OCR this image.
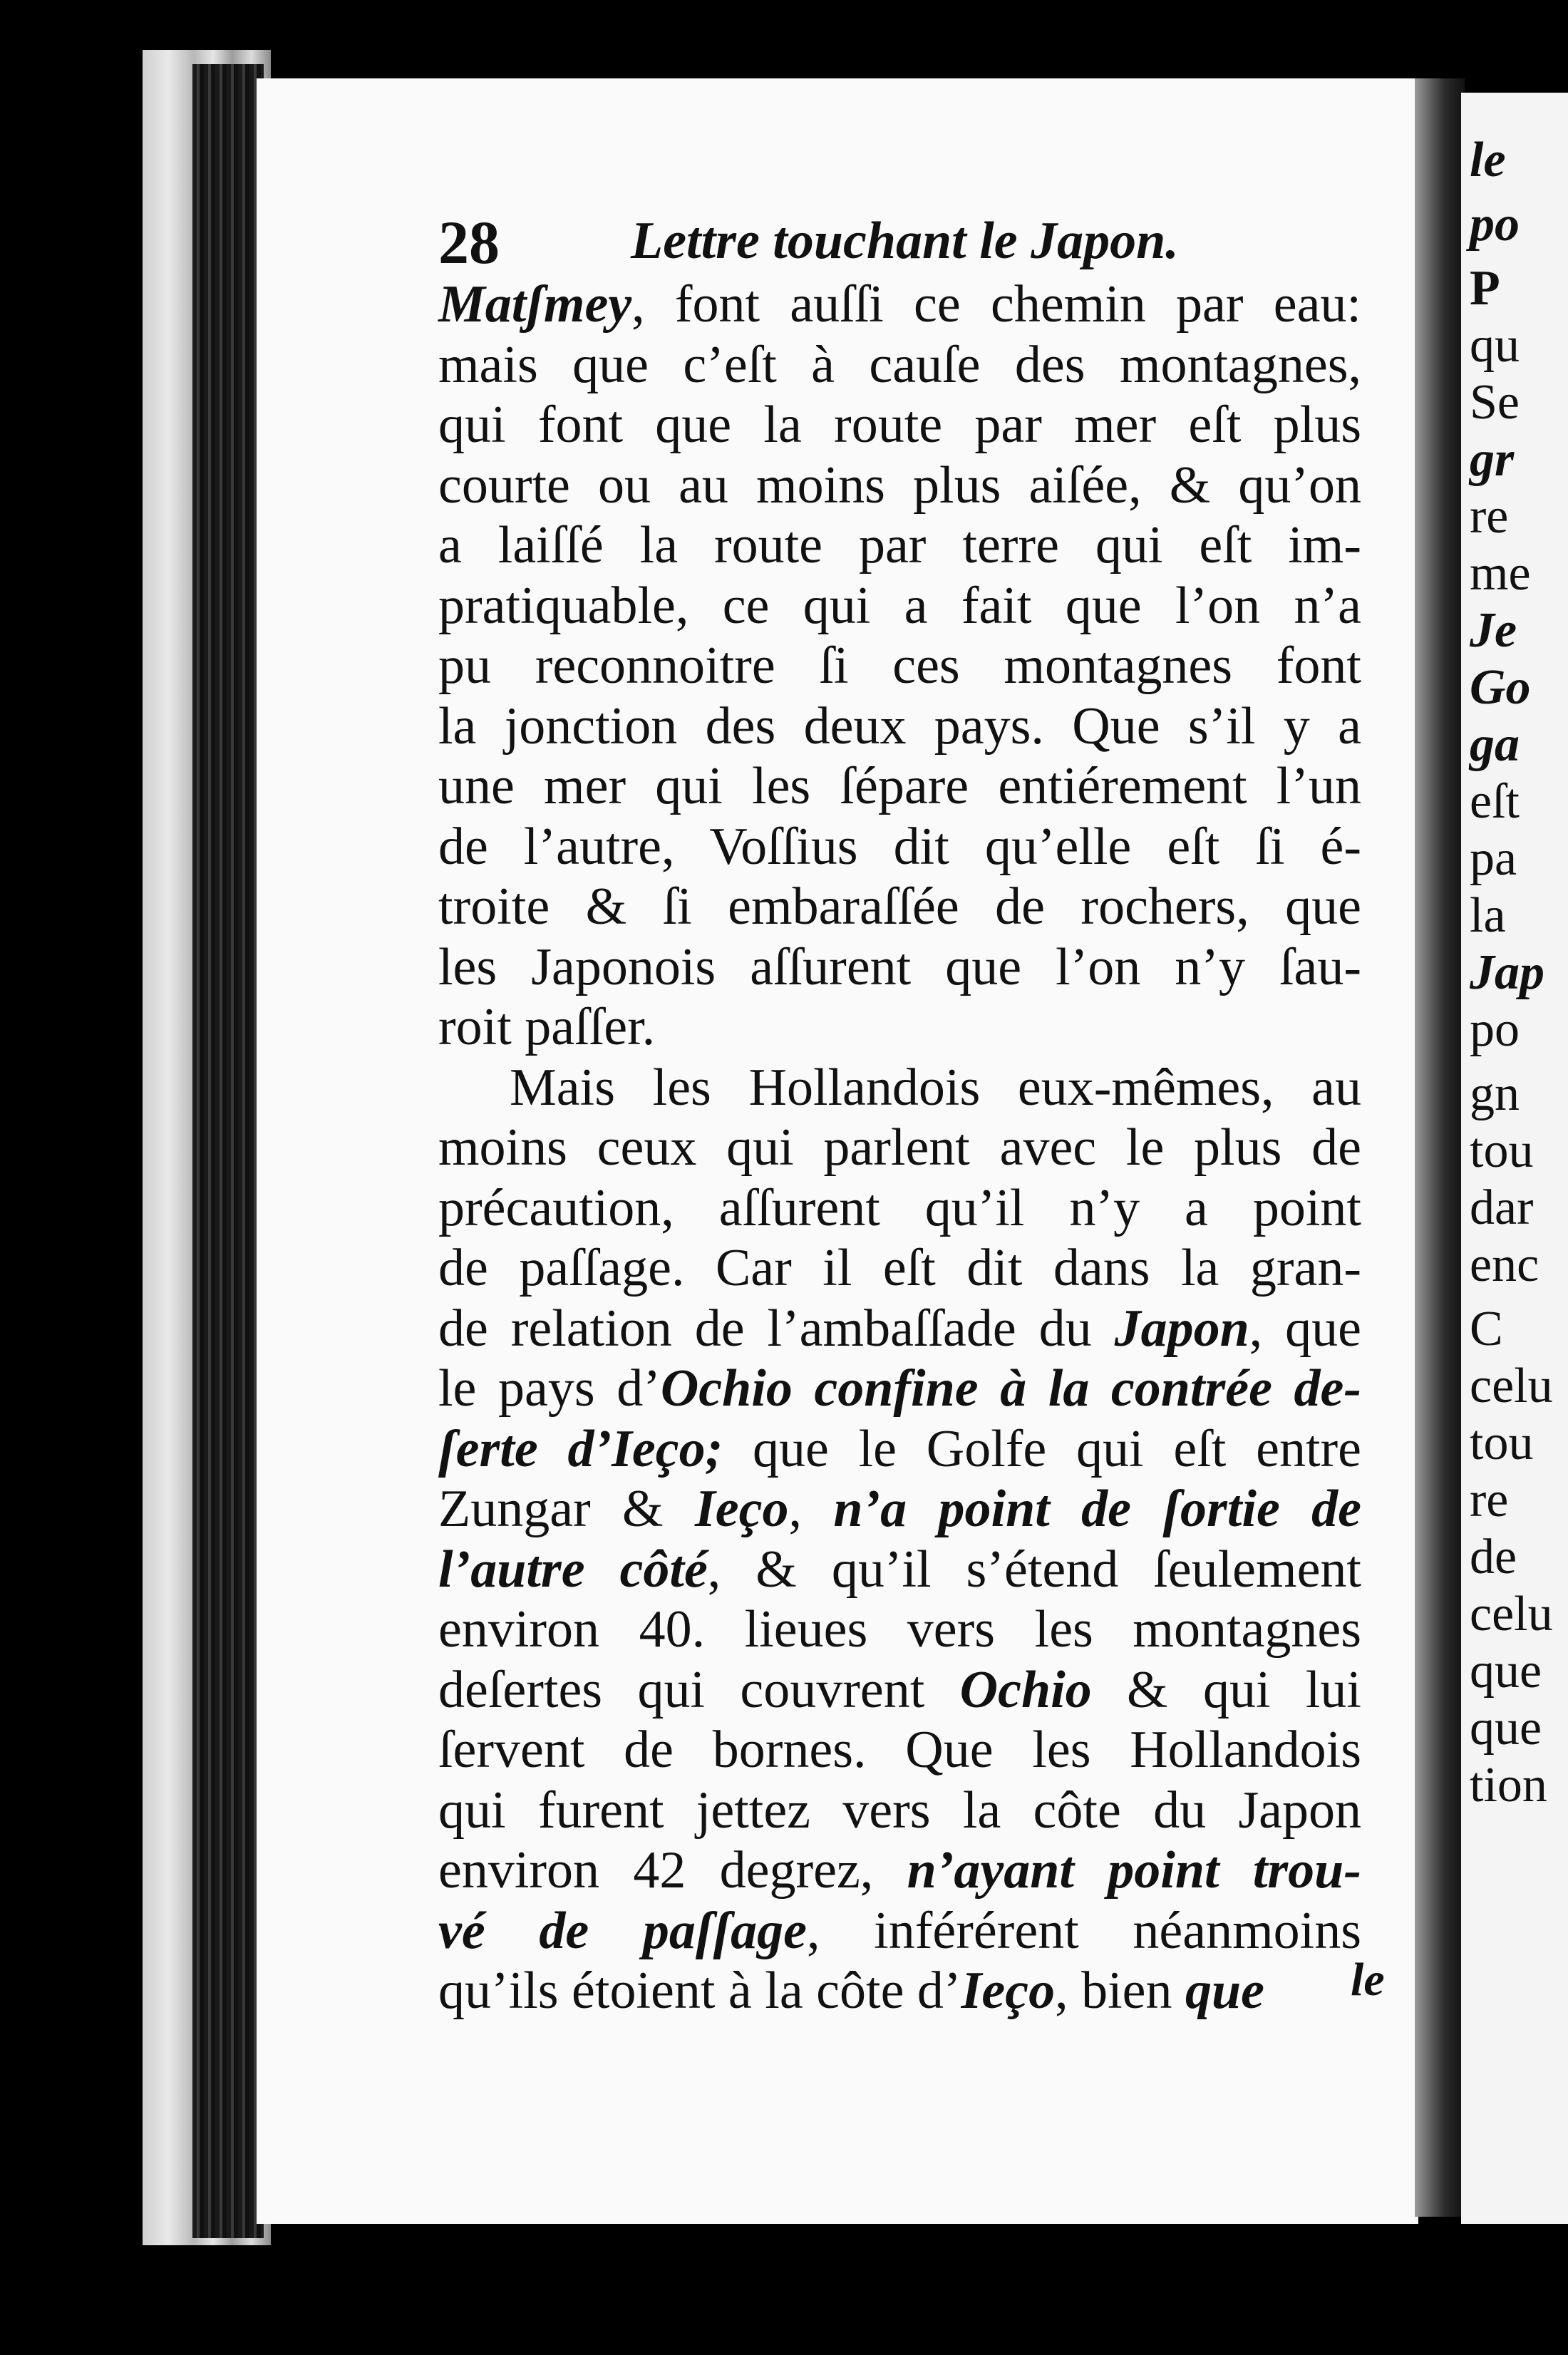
le
po
P
qu
Se
gr
re
me
Je
Go
ga
eſt
pa
la
Jap
po
gn
tou
dar
enc
C
celu
tou
re
de
celu
que
que
tion
28 Lettre touchant le Japon.
Matʃmey, font auſſi ce chemin par eau:
mais que c’eſt à cauſe des montagnes,
qui font que la route par mer eſt plus
courte ou au moins plus aiſée, & qu’on
a laiſſé la route par terre qui eſt im-
pratiquable, ce qui a fait que l’on n’a
pu reconnoitre ſi ces montagnes font
la jonction des deux pays. Que s’il y a
une mer qui les ſépare entiérement l’un
de l’autre, Voſſius dit qu’elle eſt ſi é-
troite & ſi embaraſſée de rochers, que
les Japonois aſſurent que l’on n’y ſau-
roit paſſer.
Mais les Hollandois eux-mêmes, au
moins ceux qui parlent avec le plus de
précaution, aſſurent qu’il n’y a point
de paſſage. Car il eſt dit dans la gran-
de relation de l’ambaſſade du Japon, que
le pays d’Ochio confine à la contrée de-
ſerte d’Ieço; que le Golfe qui eſt entre
Zungar & Ieço, n’a point de ſortie de
l’autre côté, & qu’il s’étend ſeulement
environ 40. lieues vers les montagnes
deſertes qui couvrent Ochio & qui lui
ſervent de bornes. Que les Hollandois
qui furent jettez vers la côte du Japon
environ 42 degrez, n’ayant point trou-
vé de paſſage, inférérent néanmoins
qu’ils étoient à la côte d’Ieço, bien que	le
